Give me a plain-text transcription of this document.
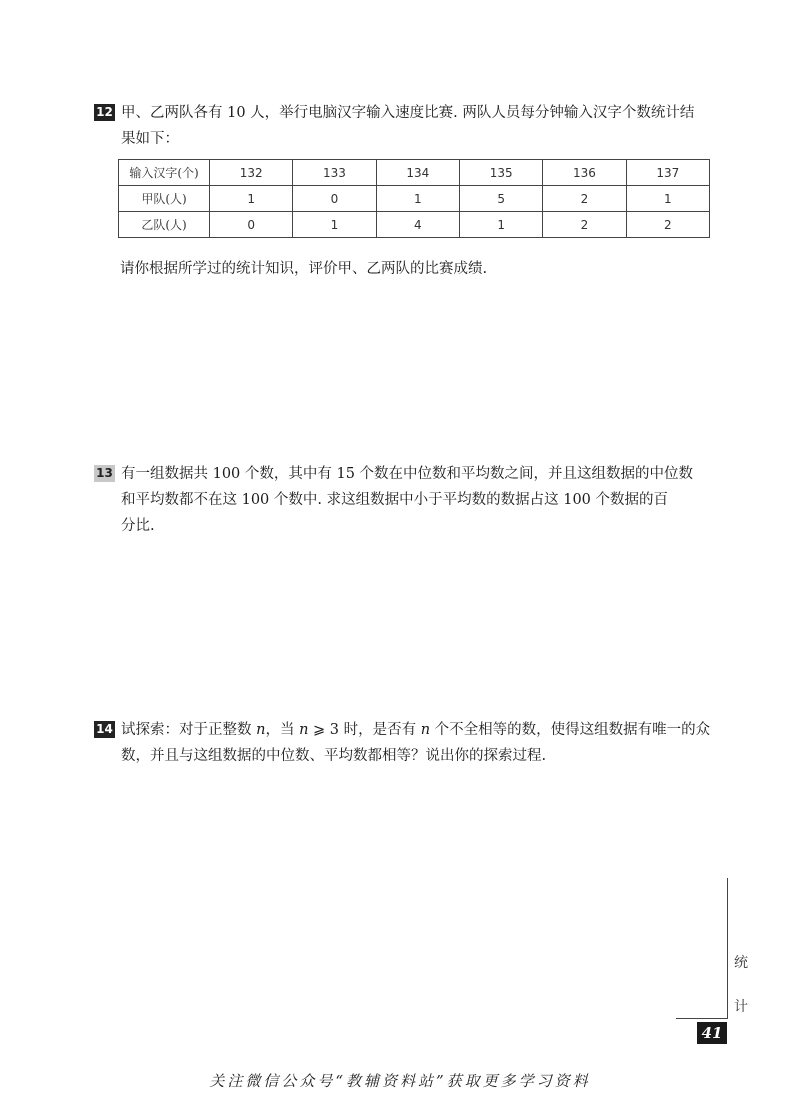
12 甲、乙两队各有 10 人，举行电脑汉字输入速度比赛. 两队人员每分钟输入汉字个数统计结
果如下：
输入汉字(个)	132	133	134	135	136	137
甲队(人)	1	0	1	5	2	1
乙队(人)	0	1	4	1	2	2
请你根据所学过的统计知识，评价甲、乙两队的比赛成绩.
13 有一组数据共 100 个数，其中有 15 个数在中位数和平均数之间，并且这组数据的中位数
和平均数都不在这 100 个数中. 求这组数据中小于平均数的数据占这 100 个数据的百
分比.
14 试探索：对于正整数 n，当 n ⩾ 3 时，是否有 n 个不全相等的数，使得这组数据有唯一的众
数，并且与这组数据的中位数、平均数都相等？说出你的探索过程.
统
计
41
关注微信公众号“教辅资料站”获取更多学习资料
